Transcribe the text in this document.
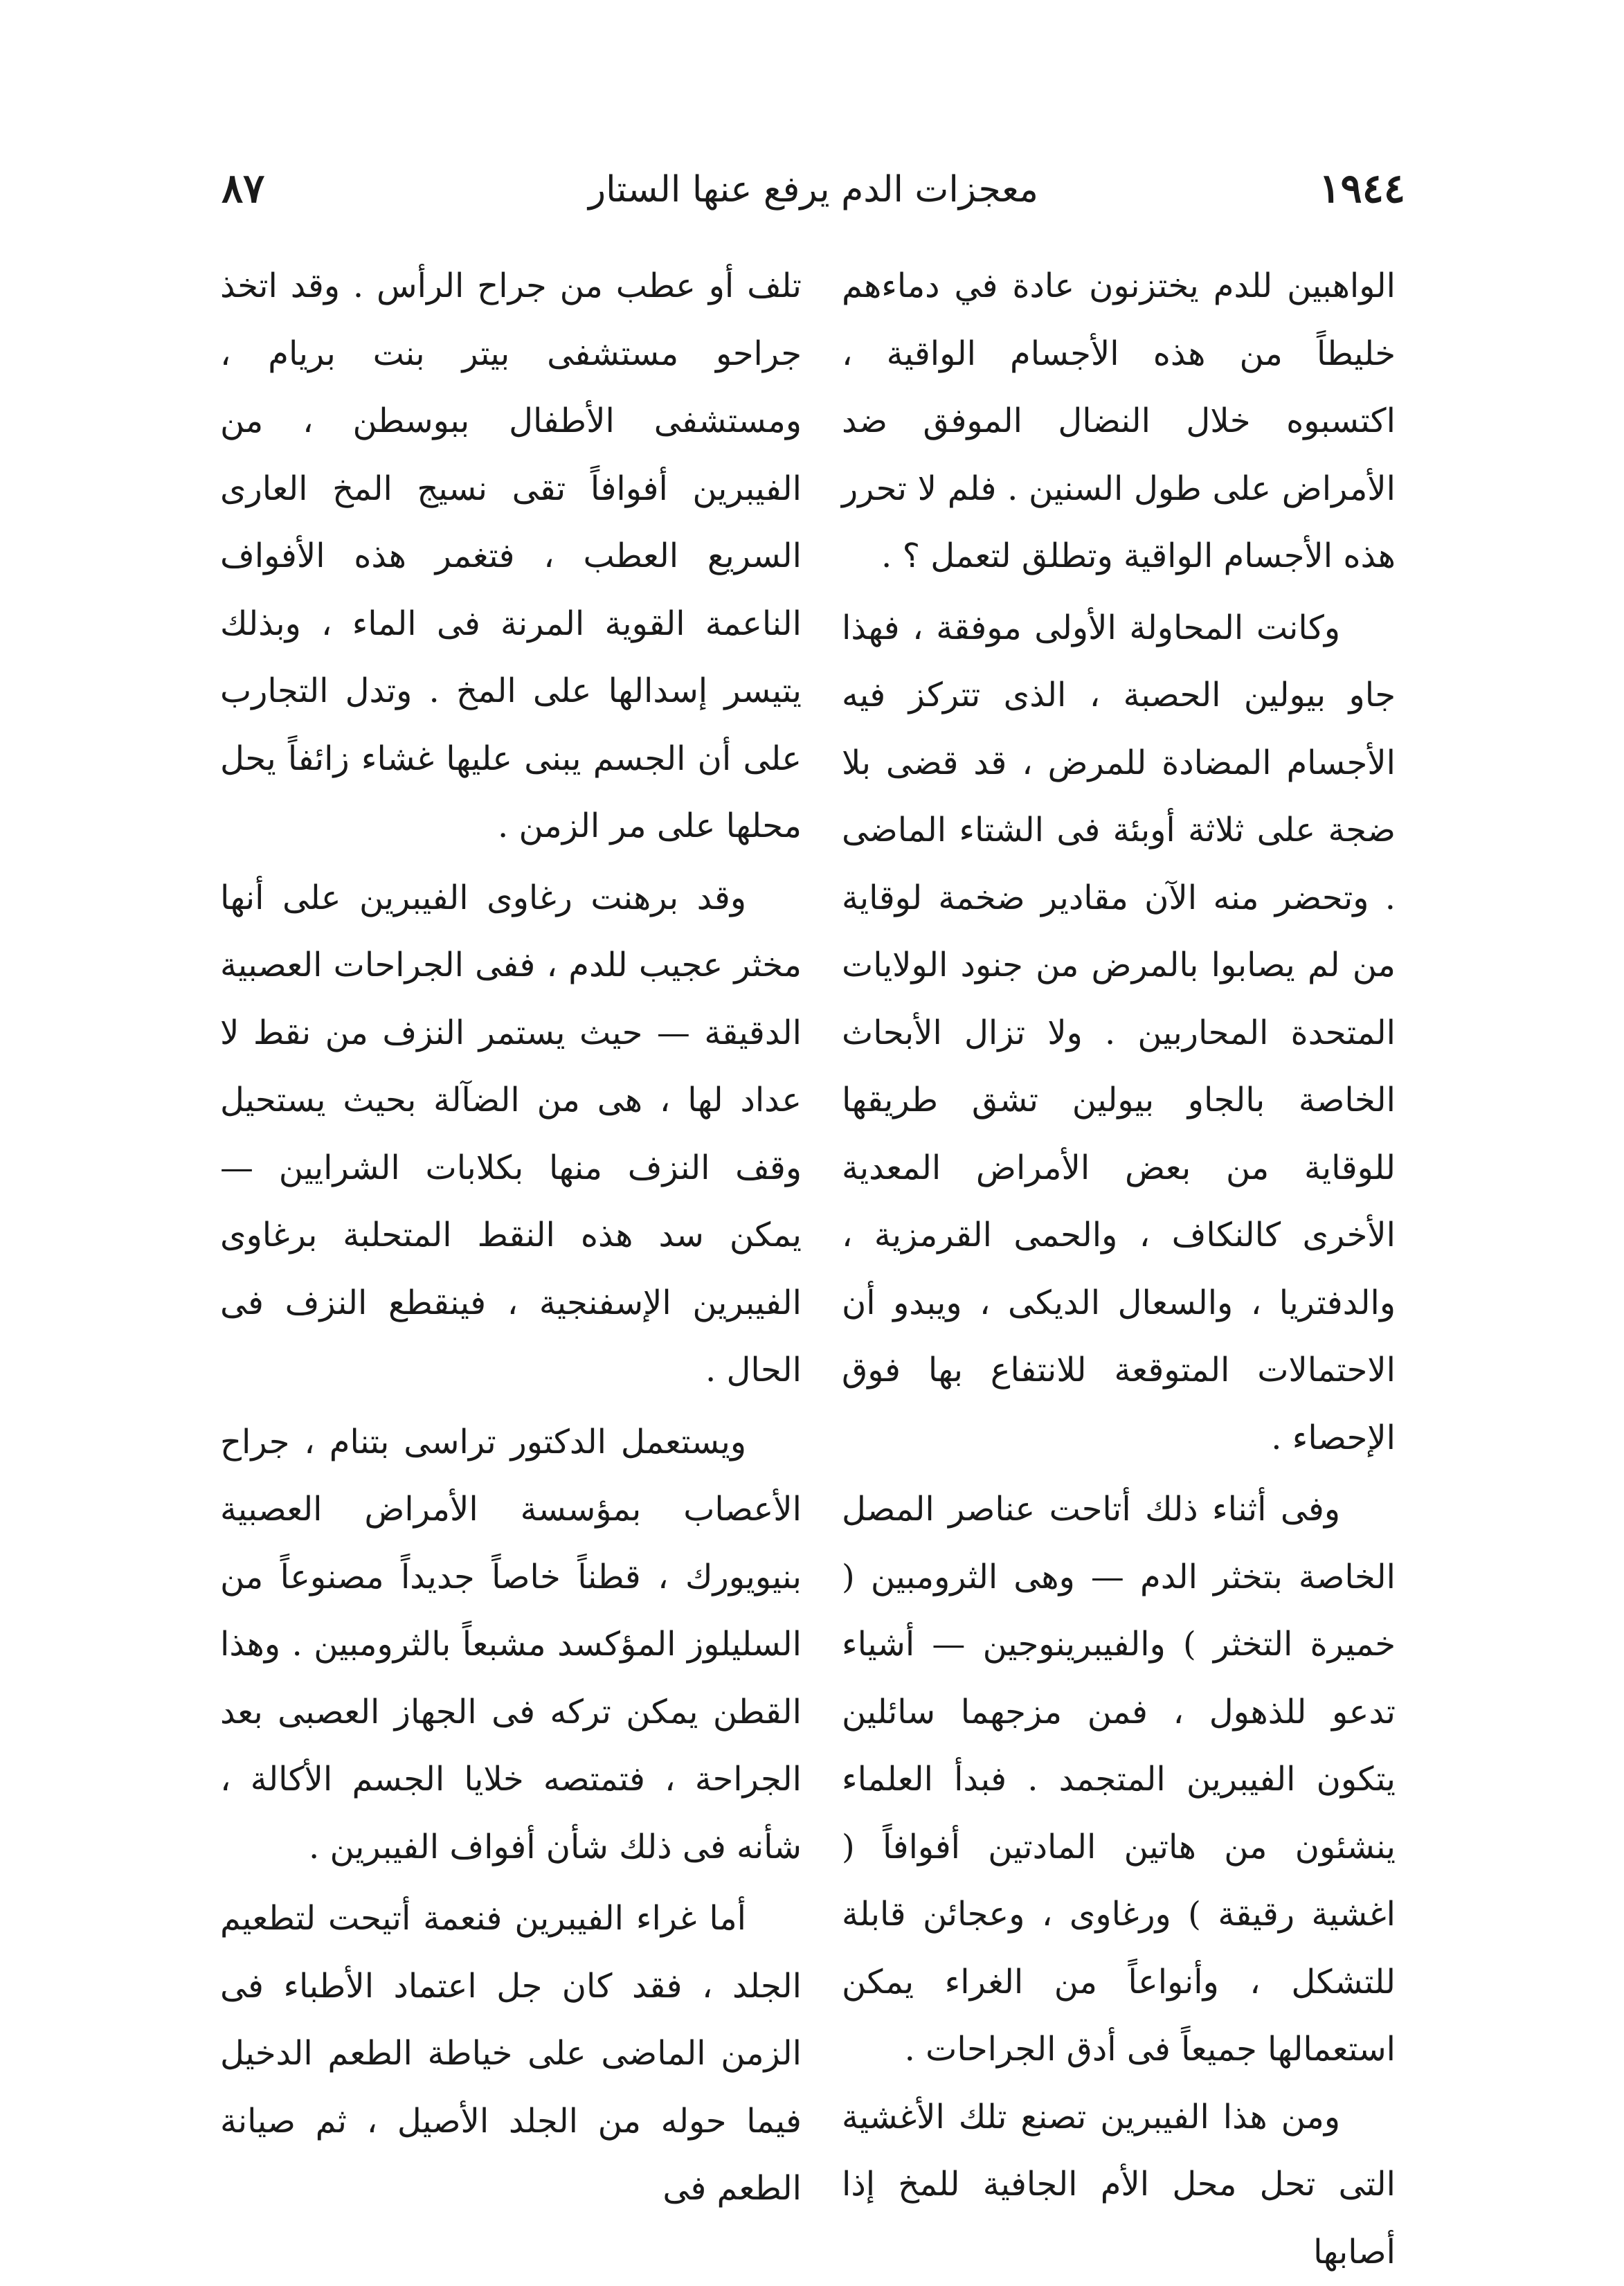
١٩٤٤
معجزات الدم يرفع عنها الستار
٨٧

الواهبين للدم يختزنون عادة في دماءهم خليطاً من هذه الأجسام الواقية ، اكتسبوه خلال النضال الموفق ضد الأمراض على طول السنين . فلم لا تحرر هذه الأجسام الواقية وتطلق لتعمل ؟ .

وكانت المحاولة الأولى موفقة ، فهذا جاو بيولين الحصبة ، الذى تتركز فيه الأجسام المضادة للمرض ، قد قضى بلا ضجة على ثلاثة أوبئة فى الشتاء الماضى . وتحضر منه الآن مقادير ضخمة لوقاية من لم يصابوا بالمرض من جنود الولايات المتحدة المحاربين . ولا تزال الأبحاث الخاصة بالجاو بيولين تشق طريقها للوقاية من بعض الأمراض المعدية الأخرى كالنكاف ، والحمى القرمزية ، والدفتريا ، والسعال الديكى ، ويبدو أن الاحتمالات المتوقعة للانتفاع بها فوق الإحصاء .

وفى أثناء ذلك أتاحت عناصر المصل الخاصة بتخثر الدم — وهى الثرومبين ( خميرة التخثر ) والفيبرينوجين — أشياء تدعو للذهول ، فمن مزجهما سائلين يتكون الفيبرين المتجمد . فبدأ العلماء ينشئون من هاتين المادتين أفوافاً ( اغشية رقيقة ) ورغاوى ، وعجائن قابلة للتشكل ، وأنواعاً من الغراء يمكن استعمالها جميعاً فى أدق الجراحات .

ومن هذا الفيبرين تصنع تلك الأغشية التى تحل محل الأم الجافية للمخ إذا أصابها

تلف أو عطب من جراح الرأس . وقد اتخذ جراحو مستشفى بيتر بنت بريام ، ومستشفى الأطفال ببوسطن ، من الفيبرين أفوافاً تقى نسيج المخ العارى السريع العطب ، فتغمر هذه الأفواف الناعمة القوية المرنة فى الماء ، وبذلك يتيسر إسدالها على المخ . وتدل التجارب على أن الجسم يبنى عليها غشاء زائفاً يحل محلها على مر الزمن .

وقد برهنت رغاوى الفيبرين على أنها مخثر عجيب للدم ، ففى الجراحات العصبية الدقيقة — حيث يستمر النزف من نقط لا عداد لها ، هى من الضآلة بحيث يستحيل وقف النزف منها بكلابات الشرايين — يمكن سد هذه النقط المتحلبة برغاوى الفيبرين الإسفنجية ، فينقطع النزف فى الحال .

ويستعمل الدكتور تراسى بتنام ، جراح الأعصاب بمؤسسة الأمراض العصبية بنيويورك ، قطناً خاصاً جديداً مصنوعاً من السليلوز المؤكسد مشبعاً بالثرومبين . وهذا القطن يمكن تركه فى الجهاز العصبى بعد الجراحة ، فتمتصه خلايا الجسم الأكالة ، شأنه فى ذلك شأن أفواف الفيبرين .

أما غراء الفيبرين فنعمة أتيحت لتطعيم الجلد ، فقد كان جل اعتماد الأطباء فى الزمن الماضى على خياطة الطعم الدخيل فيما حوله من الجلد الأصيل ، ثم صيانة الطعم فى
